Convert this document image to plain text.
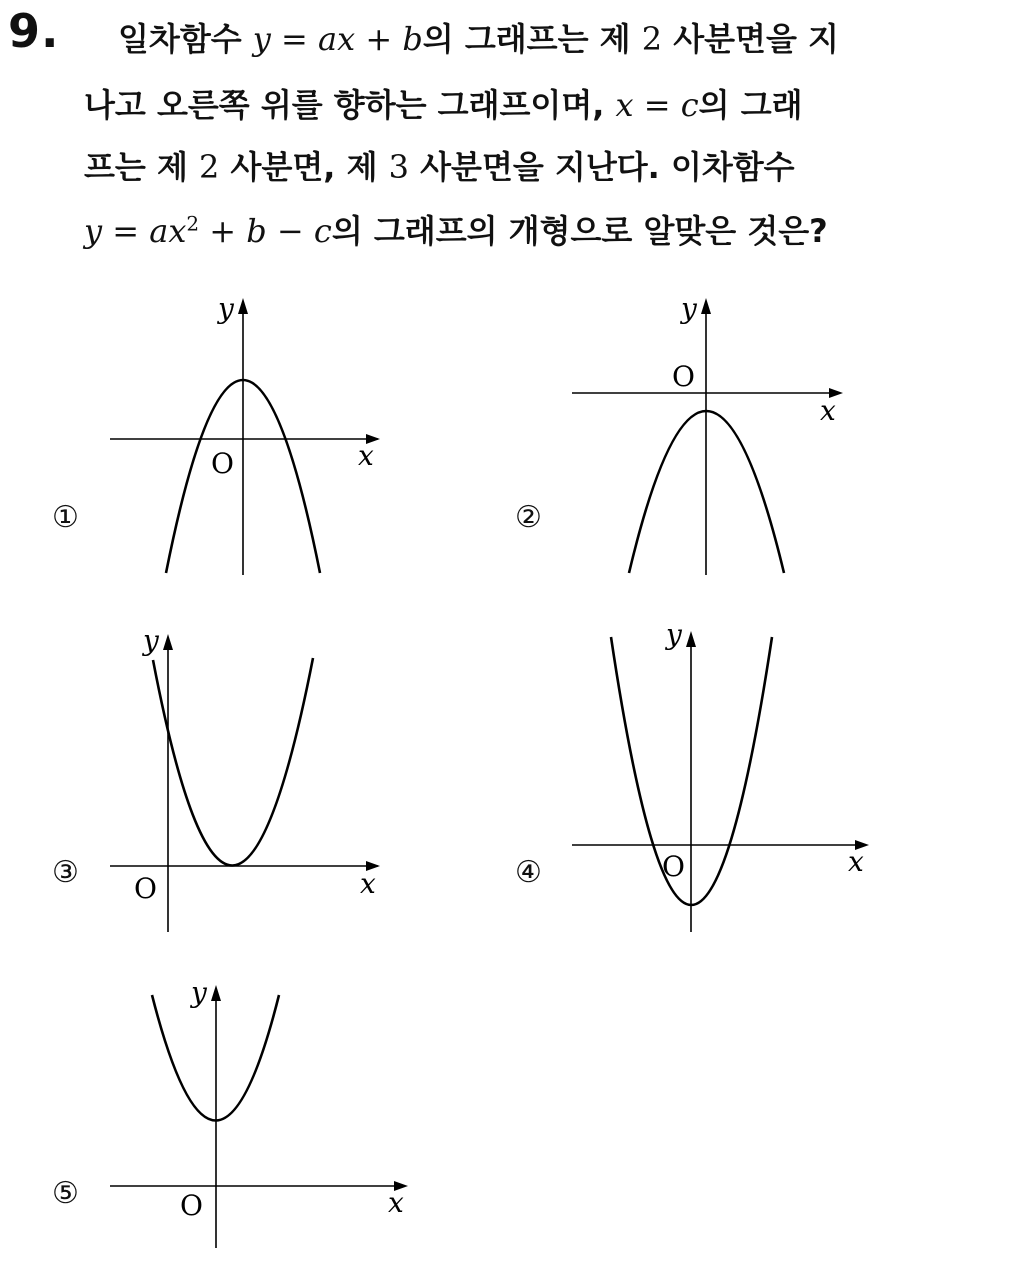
9. 일차함수 y = ax + b의 그래프는 제 2 사분면을 지
나고 오른쪽 위를 향하는 그래프이며, x = c의 그래
프는 제 2 사분면, 제 3 사분면을 지난다. 이차함수
$y = ax^2 + b - c$의 그래프의 개형으로 알맞은 것은?
①
O	x
y
②
O
x
y
③ O	x
y
④	O	x
y
⑤	O	x
y
